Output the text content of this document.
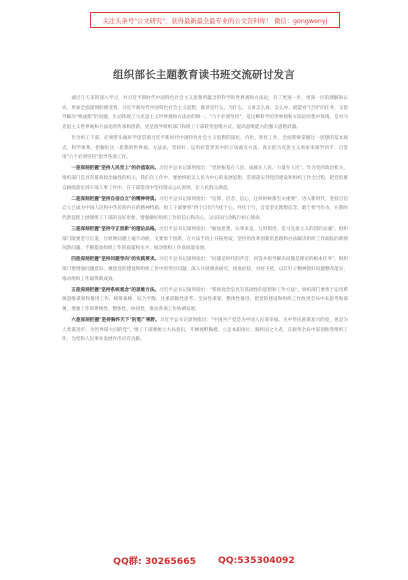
关注头条号"公文研究"，获得最新最全最专业的公文资料库！ 微信：gongwenyj
组织部长主题教育读书班交流研讨发言

通过几天来的深入学习，对习近平新时代中国特色社会主义思想所蕴含的科学的世界观和方法论，有了更进一步、更深一层的理解和认识，更加全面深刻的感受到，习近平新时代中国特色社会主义思想，既讲是什么、为什么，又讲怎么看、怎么办，既能看"过河"的任务，又指导解决"桥或船"的问题，生动体现了马克思主义世界观和方法论的统一。"六个必须坚持"，是这种科学的世界观和方法论的集中体现，是对马克思主义世界观和方法论的传承和创新，更是指导组织部门和组工干部转变思维方式、提高思维能力的强大思想武器。

作为组工干部，必须带头做好学思贯彻习近平新时代中国特色社会主义思想的深化、内化、转化工作，全面系统掌握这一思想的基本观点、科学体系，把握好这一思想的世界观、方法论，坚持好、运用好贯穿其中的立场观点方法，真正把马克思主义看家本领学到手，自觉用"六个必须坚持"指导各项工作。

一是深刻把握"坚持人民至上"的价值取向。习近平总书记深刻指出："党的根基在人民、血脉在人民、力量在人民"。作为党的政治机关，组织部门是具有最高政治属性的机关，我们在工作中，要始终把以人民为中心的发展思想，贯彻落实到党的建设和组织工作全过程，把党的群众路线落实到干部人事工作中，在干部选用中坚持群众公认原则，让人民群众满意。

二是深刻把握"坚持自信自立"的精神特质。习近平总书记深刻指出："信仰、信念、信心，任何时候都至关重要"，进入新时代，坚持自信自立已成为中国人民和中华民族内在的精神特质，组工干部要将"四个自信"内化于心、外化于行，自觉坚定理想信念，敢于担当作为，在新时代新征程上展现组工干部的良好形象，增强做好组织工作的信心和决心，以实际行动践行初心使命。

三是深刻把握"坚持守正创新"的理论品格。习近平总书记深刻指出："解放思想、实事求是、与时俱进，是马克思主义的活的灵魂"。组织部门既要坚守正道，在原则问题上毫不动摇，又要勇于创新，在方法手段上开拓进取，坚持用改革创新的思路和办法解决组织工作面临的新情况新问题，不断提高组织工作的质量和水平，推动组织工作高质量发展。

四是深刻把握"坚持问题导向"的实践要求。习近平总书记深刻指出："问题是时代的声音，回答并指导解决问题是理论的根本任务"。组织部门要增强问题意识，聚焦党的建设和组织工作中的突出问题，深入开展调查研究，找准症结，对症下药，以钉钉子精神抓好问题整改落实，推动组织工作取得新成效。

五是深刻把握"坚持系统观念"的思维方法。习近平总书记深刻指出："系统观念是具有基础性的思想和工作方法"。组织部门要善于运用系统思维谋划和推进工作，统筹兼顾、综合平衡，注重前瞻性思考、全局性谋划、整体性推进，把党的建设和组织工作放到全局中来思考和部署，增强工作的系统性、整体性、协同性，推动各项工作协调发展。

六是深刻把握"坚持胸怀天下"的宽广视野。习近平总书记深刻指出："中国共产党是为中国人民谋幸福、为中华民族谋复兴的党，也是为人类谋进步、为世界谋大同的党"。组工干部要树立大局意识，开阔视野胸襟，立足本职岗位，胸怀国之大者，在服务全局中谋划推进组织工作，为党和人民事业发展作出应有贡献。

QQ群: 30265665 QQ:535304092
